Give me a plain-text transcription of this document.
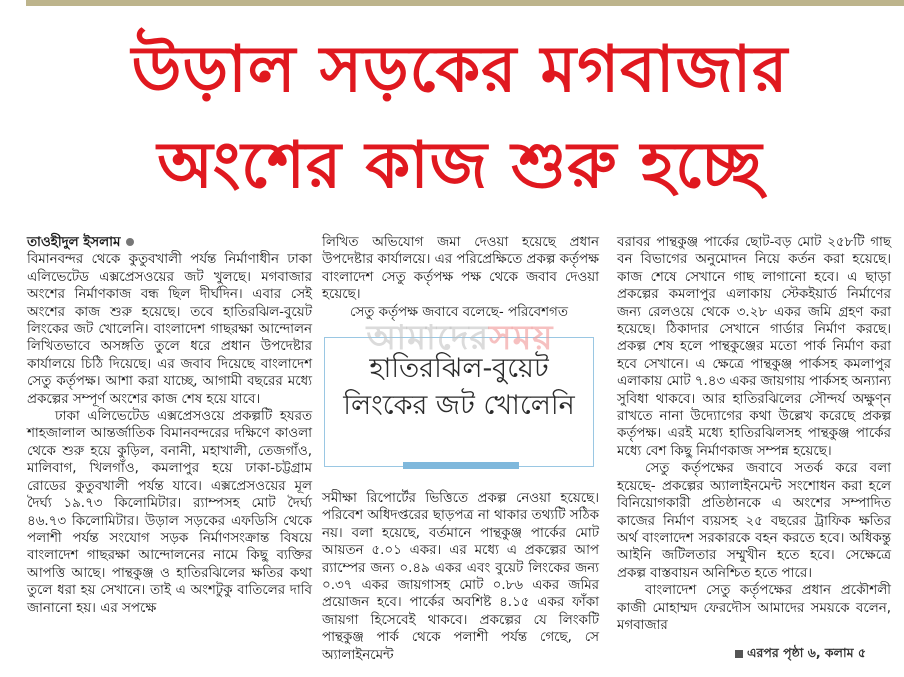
উড়াল সড়কের মগবাজার
অংশের কাজ শুরু হচ্ছে

তাওহীদুল ইসলাম

বিমানবন্দর থেকে কুতুবখালী পর্যন্ত নির্মাণাধীন ঢাকা এলিভেটেড এক্সপ্রেসওয়ের জট খুলছে। মগবাজার অংশের নির্মাণকাজ বন্ধ ছিল দীর্ঘদিন। এবার সেই অংশের কাজ শুরু হয়েছে। তবে হাতিরঝিল-বুয়েট লিংকের জট খোলেনি। বাংলাদেশ গাছরক্ষা আন্দোলন লিখিতভাবে অসঙ্গতি তুলে ধরে প্রধান উপদেষ্টার কার্যালয়ে চিঠি দিয়েছে। এর জবাব দিয়েছে বাংলাদেশ সেতু কর্তৃপক্ষ। আশা করা যাচ্ছে, আগামী বছরের মধ্যে প্রকল্পের সম্পূর্ণ অংশের কাজ শেষ হয়ে যাবে।

ঢাকা এলিভেটেড এক্সপ্রেসওয়ে প্রকল্পটি হযরত শাহজালাল আন্তর্জাতিক বিমানবন্দরের দক্ষিণে কাওলা থেকে শুরু হয়ে কুড়িল, বনানী, মহাখালী, তেজগাঁও, মালিবাগ, খিলগাঁও, কমলাপুর হয়ে ঢাকা-চট্টগ্রাম রোডের কুতুবখালী পর্যন্ত যাবে। এক্সপ্রেসওয়ের মূল দৈর্ঘ্য ১৯.৭৩ কিলোমিটার। র‌্যাম্পসহ মোট দৈর্ঘ্য ৪৬.৭৩ কিলোমিটার। উড়াল সড়কের এফডিসি থেকে পলাশী পর্যন্ত সংযোগ সড়ক নির্মাণসংক্রান্ত বিষয়ে বাংলাদেশ গাছরক্ষা আন্দোলনের নামে কিছু ব্যক্তির আপত্তি আছে। পান্থকুঞ্জ ও হাতিরঝিলের ক্ষতির কথা তুলে ধরা হয় সেখানে। তাই এ অংশটুকু বাতিলের দাবি জানানো হয়। এর সপক্ষে

লিখিত অভিযোগ জমা দেওয়া হয়েছে প্রধান উপদেষ্টার কার্যালয়ে। এর পরিপ্রেক্ষিতে প্রকল্প কর্তৃপক্ষ বাংলাদেশ সেতু কর্তৃপক্ষ পক্ষ থেকে জবাব দেওয়া হয়েছে।

সেতু কর্তৃপক্ষ জবাবে বলেছে- পরিবেশগত

সমীক্ষা রিপোর্টের ভিত্তিতে প্রকল্প নেওয়া হয়েছে। পরিবেশ অধিদপ্তরের ছাড়পত্র না থাকার তথ্যটি সঠিক নয়। বলা হয়েছে, বর্তমানে পান্থকুঞ্জ পার্কের মোট আয়তন ৫.০১ একর। এর মধ্যে এ প্রকল্পের আপ র‌্যাম্পের জন্য ০.৪৯ একর এবং বুয়েট লিংকের জন্য ০.৩৭ একর জায়গাসহ মোট ০.৮৬ একর জমির প্রয়োজন হবে। পার্কের অবশিষ্ট ৪.১৫ একর ফাঁকা জায়গা হিসেবেই থাকবে। প্রকল্পের যে লিংকটি পান্থকুঞ্জ পার্ক থেকে পলাশী পর্যন্ত গেছে, সে অ্যালাইনমেন্ট

হাতিরঝিল-বুয়েট লিংকের জট খোলেনি
আমাদেরসময়

বরাবর পান্থকুঞ্জ পার্কের ছোট-বড় মোট ২৫৮টি গাছ বন বিভাগের অনুমোদন নিয়ে কর্তন করা হয়েছে। কাজ শেষে সেখানে গাছ লাগানো হবে। এ ছাড়া প্রকল্পের কমলাপুর এলাকায় স্টেকইয়ার্ড নির্মাণের জন্য রেলওয়ে থেকে ৩.২৮ একর জমি গ্রহণ করা হয়েছে। ঠিকাদার সেখানে গার্ডার নির্মাণ করছে। প্রকল্প শেষ হলে পান্থকুঞ্জের মতো পার্ক নির্মাণ করা হবে সেখানে। এ ক্ষেত্রে পান্থকুঞ্জ পার্কসহ কমলাপুর এলাকায় মোট ৭.৪৩ একর জায়গায় পার্কসহ অন্যান্য সুবিধা থাকবে। আর হাতিরঝিলের সৌন্দর্য অক্ষুণ্ন রাখতে নানা উদ্যোগের কথা উল্লেখ করেছে প্রকল্প কর্তৃপক্ষ। এরই মধ্যে হাতিরঝিলসহ পান্থকুঞ্জ পার্কের মধ্যে বেশ কিছু নির্মাণকাজ সম্পন্ন হয়েছে।

সেতু কর্তৃপক্ষের জবাবে সতর্ক করে বলা হয়েছে- প্রকল্পের অ্যালাইনমেন্ট সংশোধন করা হলে বিনিয়োগকারী প্রতিষ্ঠানকে এ অংশের সম্পাদিত কাজের নির্মাণ ব্যয়সহ ২৫ বছরের ট্রাফিক ক্ষতির অর্থ বাংলাদেশ সরকারকে বহন করতে হবে। অধিকন্তু আইনি জটিলতার সম্মুখীন হতে হবে। সেক্ষেত্রে প্রকল্প বাস্তবায়ন অনিশ্চিত হতে পারে।

বাংলাদেশ সেতু কর্তৃপক্ষের প্রধান প্রকৌশলী কাজী মোহাম্মদ ফেরদৌস আমাদের সময়কে বলেন, মগবাজার

এরপর পৃষ্ঠা ৬, কলাম ৫
